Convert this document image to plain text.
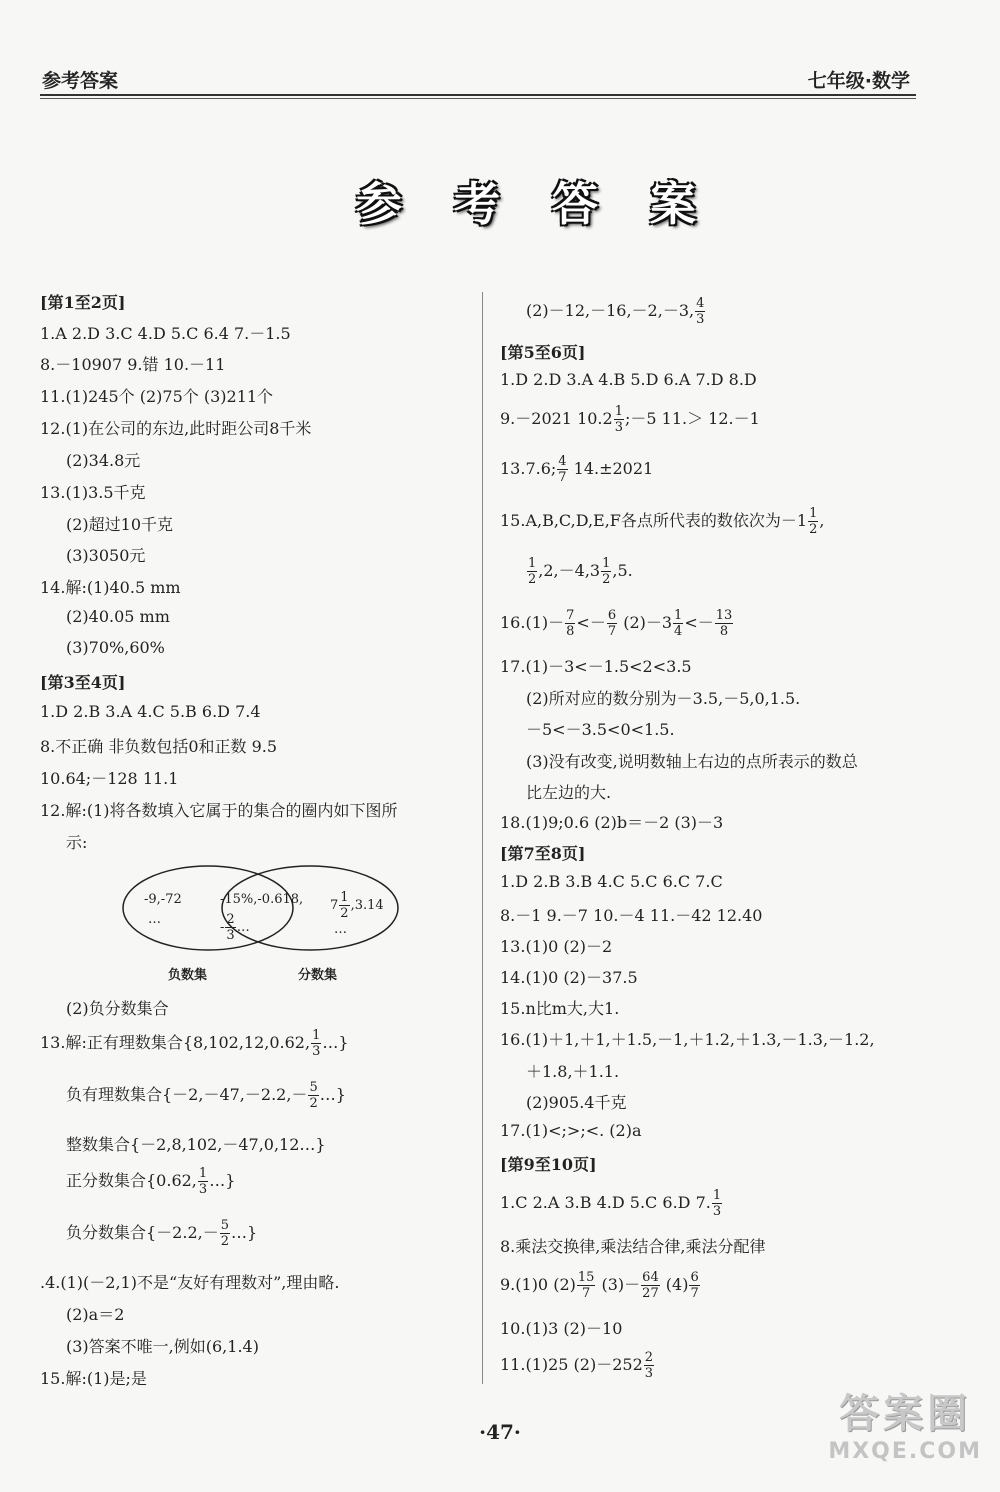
参考答案	七年级·数学
参考答案
[第1至2页]
1.A 2.D 3.C 4.D 5.C 6.4 7.－1.5
8.－10907 9.错 10.－11
11.(1)245个 (2)75个 (3)211个
12.(1)在公司的东边,此时距公司8千米
(2)34.8元
13.(1)3.5千克
(2)超过10千克
(3)3050元
14.解:(1)40.5 mm
(2)40.05 mm
(3)70%,60%
[第3至4页]
1.D 2.B 3.A 4.C 5.B 6.D 7.4
8.不正确 非负数包括0和正数 9.5
10.64;－128 11.1
12.解:(1)将各数填入它属于的集合的圈内如下图所
示:
(2)负分数集合
13.解:正有理数集合{8,102,12,0.62, $\frac{1}{3}$ …}
负有理数集合{$-2,-47,-2.2,- \frac{5}{2}$ …}
整数集合{－2,8,102,－47,0,12…}
正分数集合{0.62, $\frac{1}{3}$ …}
负分数集合{$-2.2,- \frac{5}{2}$ …}
.4.(1)(－2,1)不是“友好有理数对”,理由略.
(2)a＝2
(3)答案不唯一,例如(6,1.4)
15.解:(1)是;是
-9,-72
…
-15%,-0.618,
- $\frac{2}{3}$ …
$7 \frac{1}{2} ,3.14$
…
负数集	分数集
(2)－12,－16,－2,－3, $\frac{4}{3}$
[第5至6页]
1.D 2.D 3.A 4.B 5.D 6.A 7.D 8.D
9.－2021 $10.2 \frac{1}{3}$ ;－5 11.＞ 12.－1
13.7.6; $\frac{4}{7} 14.\pm 2021$
15.A,B,C,D,E,F各点所代表的数依次为$-1 \frac{1}{2}$ ,
$\frac{1}{2} ,2,-4,3 \frac{1}{2} ,5$.
$16.(1)- \frac{7}{8} <- \frac{6}{7} (2)-3 \frac{1}{4} <- \frac{13}{8}$
17.(1)－3<－1.5<2<3.5
(2)所对应的数分别为－3.5,－5,0,1.5.
－5<－3.5<0<1.5.
(3)没有改变,说明数轴上右边的点所表示的数总
比左边的大.
18.(1)9;0.6 (2)b＝－2 (3)－3
[第7至8页]
1.D 2.B 3.B 4.C 5.C 6.C 7.C
8.－1 9.－7 10.－4 11.－42 12.40
13.(1)0 (2)－2
14.(1)0 (2)－37.5
15.n比m大,大1.
16.(1)＋1,＋1,＋1.5,－1,＋1.2,＋1.3,－1.3,－1.2,
＋1.8,＋1.1.
(2)905.4千克
17.(1)<;>;<. (2)a
[第9至10页]
1.C 2.A 3.B 4.D 5.C 6.D 7. $\frac{1}{3}$
8.乘法交换律,乘法结合律,乘法分配律
9.(1)0 $(2) \frac{15}{7} (3)- \frac{64}{27} (4) \frac{6}{7}$
10.(1)3 (2)－10
11.(1)25 $(2)-252 \frac{2}{3}$
·47·	答案圈
MXQE.COM
